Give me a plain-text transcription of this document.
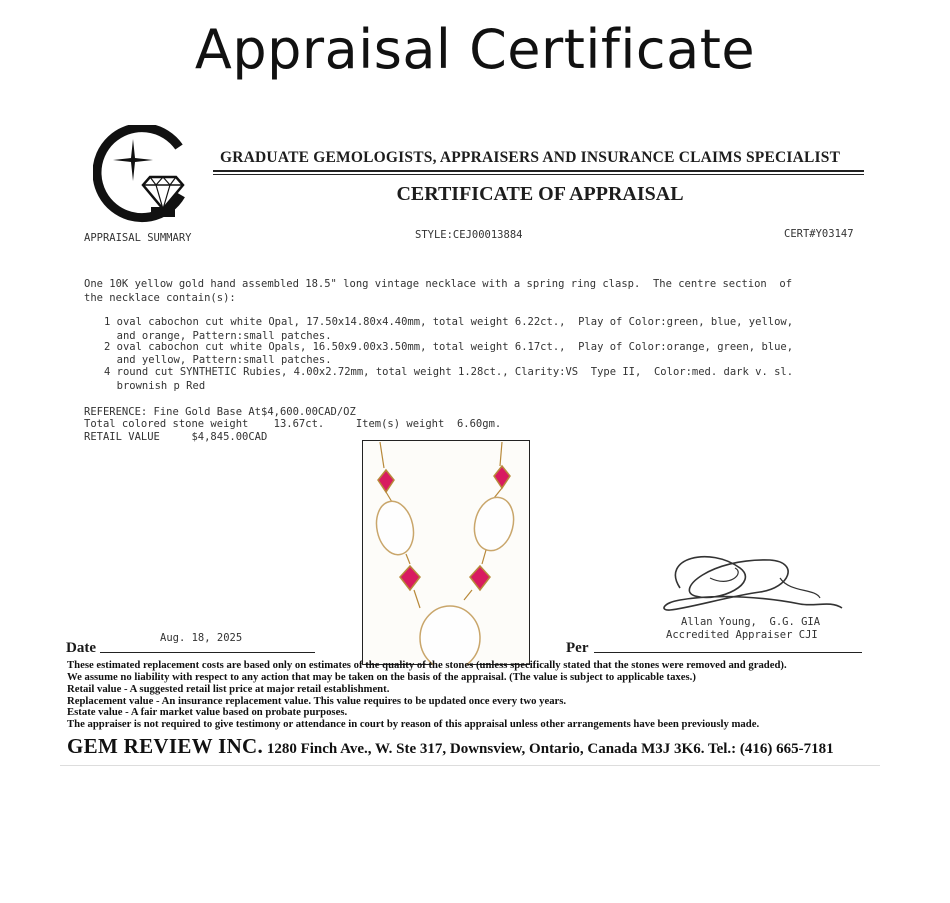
Appraisal Certificate
GRADUATE GEMOLOGISTS, APPRAISERS AND INSURANCE CLAIMS SPECIALIST
CERTIFICATE OF APPRAISAL
APPRAISAL SUMMARY	STYLE:CEJ00013884	CERT#Y03147
One 10K yellow gold hand assembled 18.5" long vintage necklace with a spring ring clasp.  The centre section  of
the necklace contain(s):
1 oval cabochon cut white Opal, 17.50x14.80x4.40mm, total weight 6.22ct.,  Play of Color:green, blue, yellow,
and orange, Pattern:small patches.
2 oval cabochon cut white Opals, 16.50x9.00x3.50mm, total weight 6.17ct.,  Play of Color:orange, green, blue,
and yellow, Pattern:small patches.
4 round cut SYNTHETIC Rubies, 4.00x2.72mm, total weight 1.28ct., Clarity:VS  Type II,  Color:med. dark v. sl.
brownish p Red
REFERENCE: Fine Gold Base At$4,600.00CAD/OZ
Total colored stone weight    13.67ct.     Item(s) weight  6.60gm.
RETAIL VALUE     $4,845.00CAD
Allan Young,  G.G. GIA
Accredited Appraiser CJI
Date
Aug. 18, 2025
Per
These estimated replacement costs are based only on estimates of the quality of the stones (unless specifically stated that the stones were removed and graded).
We assume no liability with respect to any action that may be taken on the basis of the appraisal. (The value is subject to applicable taxes.)
Retail value - A suggested retail list price at major retail establishment.
Replacement value - An insurance replacement value. This value requires to be updated once every two years.
Estate value - A fair market value based on probate purposes.
The appraiser is not required to give testimony or attendance in court by reason of this appraisal unless other arrangements have been previously made.
GEM REVIEW INC. 1280 Finch Ave., W. Ste 317, Downsview, Ontario, Canada M3J 3K6. Tel.: (416) 665-7181
